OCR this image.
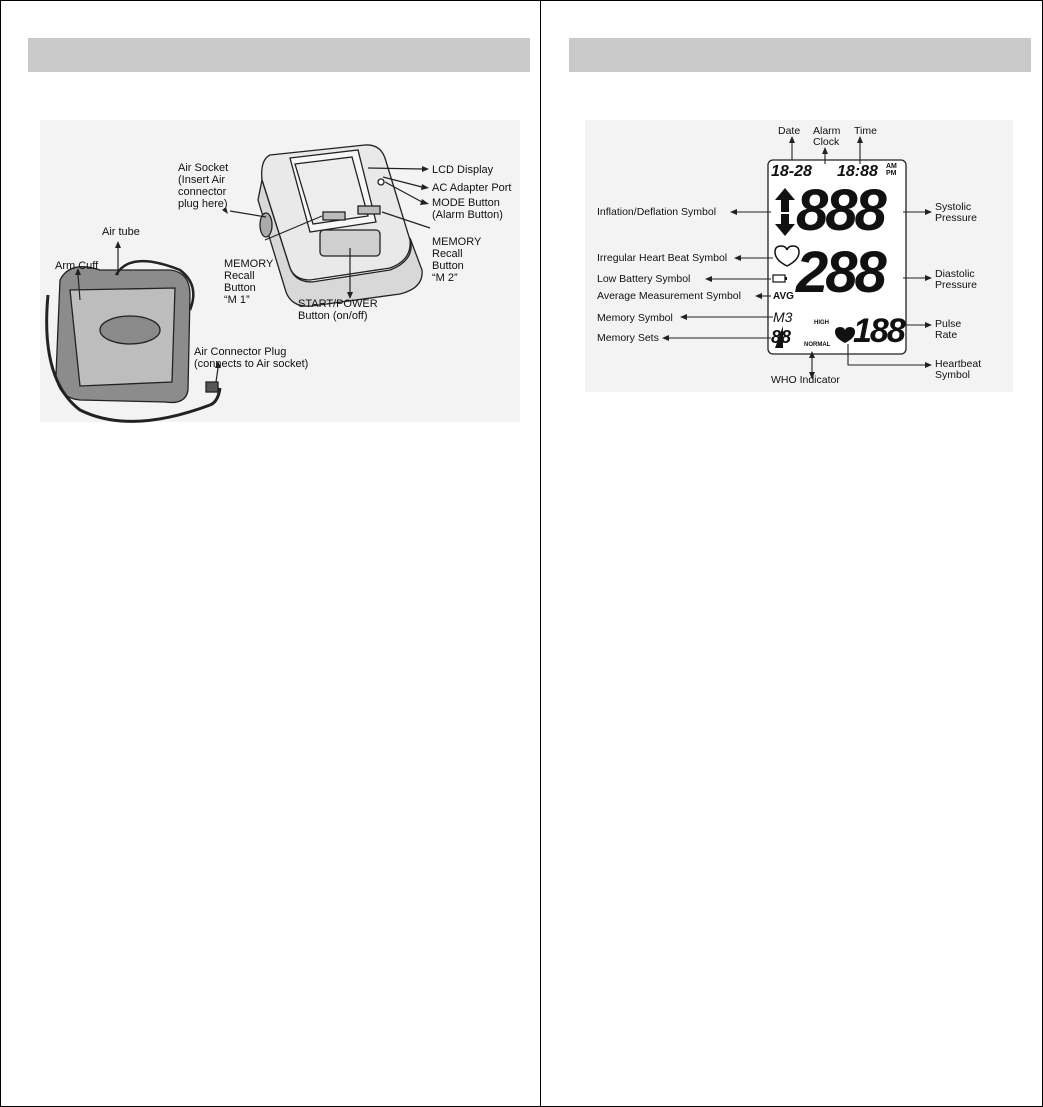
LCD Display
AC Adapter Port
MODE Button
(Alarm Button)
Air Socket
(Insert Air
connector
plug here)
Air tube
Arm Cuff	MEMORY
Recall
Button
“M 1”
MEMORY
Recall
Button
“M 2”
START/POWER
Button (on/off)
Air Connector Plug
(connects to Air socket)
18-28 18:88 AM
PM
888
288
AVG
M3
88
HIGH
NORMAL 188
Date Alarm
Clock
Time
Inflation/Deflation Symbol	Systolic
Pressure
Irregular Heart Beat Symbol
Low Battery Symbol	Diastolic
Pressure
Average Measurement Symbol
Memory Symbol	Pulse
Rate
Memory Sets
Heartbeat
Symbol
WHO Indicator
